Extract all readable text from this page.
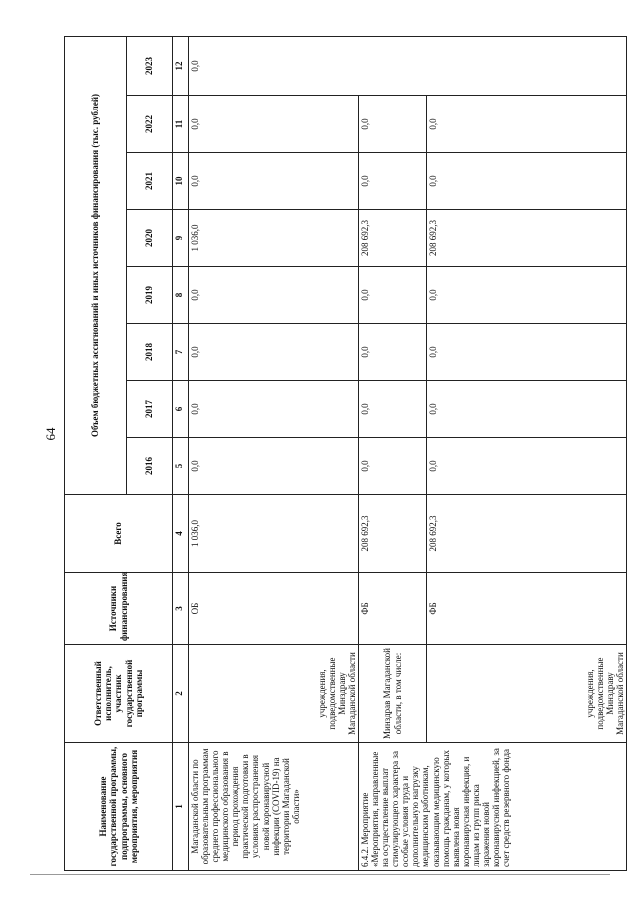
64
Наименование государственной программы, подпрограммы, основного мероприятия, мероприятия	Ответственный исполнитель, участник государственной программы	Источники финансирования	Всего	Объем бюджетных ассигнований и иных источников финансирования (тыс. рублей)							
				2016	2017	2018	2019	2020	2021	2022	2023
1	2	3	4	5	6	7	8	9	10	11	12
Магаданской области по образовательным программам среднего профессионального медицинского образования в период прохождения практической подготовки в условиях распространения новой коронавирусной инфекции (COVID-19) на территории Магаданской области»	учреждения, подведомственные Минздраву Магаданской области	ОБ	1 036,0	0,0	0,0	0,0	0,0	1 036,0	0,0	0,0	0,0
6.4.2. Мероприятие «Мероприятия, направленные на осуществление выплат стимулирующего характера за особые условия труда и дополнительную нагрузку медицинским работникам, оказывающим медицинскую помощь гражданам, у которых выявлена новая коронавирусная инфекция, и лицам из групп риска заражения новой коронавирусной инфекцией, за счет средств резервного фонда	Минздрав Магаданской области, в том числе:	ФБ	208 692,3	0,0	0,0	0,0	0,0	208 692,3	0,0	0,0	
	учреждения, подведомственные Минздраву Магаданской области	ФБ	208 692,3	0,0	0,0	0,0	0,0	208 692,3	0,0	0,0	
